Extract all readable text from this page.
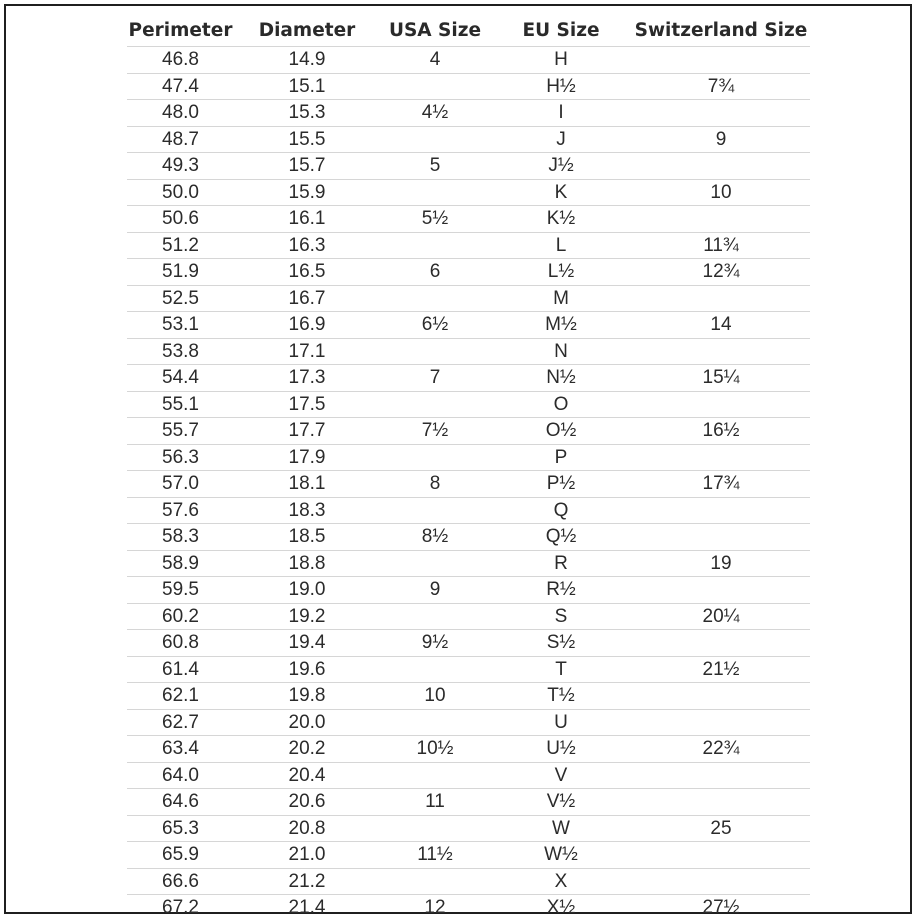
Perimeter	Diameter	USA Size	EU Size	Switzerland Size
46.8	14.9	4	H	
47.4	15.1		H½	7¾
48.0	15.3	4½	I	
48.7	15.5		J	9
49.3	15.7	5	J½	
50.0	15.9		K	10
50.6	16.1	5½	K½	
51.2	16.3		L	11¾
51.9	16.5	6	L½	12¾
52.5	16.7		M	
53.1	16.9	6½	M½	14
53.8	17.1		N	
54.4	17.3	7	N½	15¼
55.1	17.5		O	
55.7	17.7	7½	O½	16½
56.3	17.9		P	
57.0	18.1	8	P½	17¾
57.6	18.3		Q	
58.3	18.5	8½	Q½	
58.9	18.8		R	19
59.5	19.0	9	R½	
60.2	19.2		S	20¼
60.8	19.4	9½	S½	
61.4	19.6		T	21½
62.1	19.8	10	T½	
62.7	20.0		U	
63.4	20.2	10½	U½	22¾
64.0	20.4		V	
64.6	20.6	11	V½	
65.3	20.8		W	25
65.9	21.0	11½	W½	
66.6	21.2		X	
67.2	21.4	12	X½	27½
